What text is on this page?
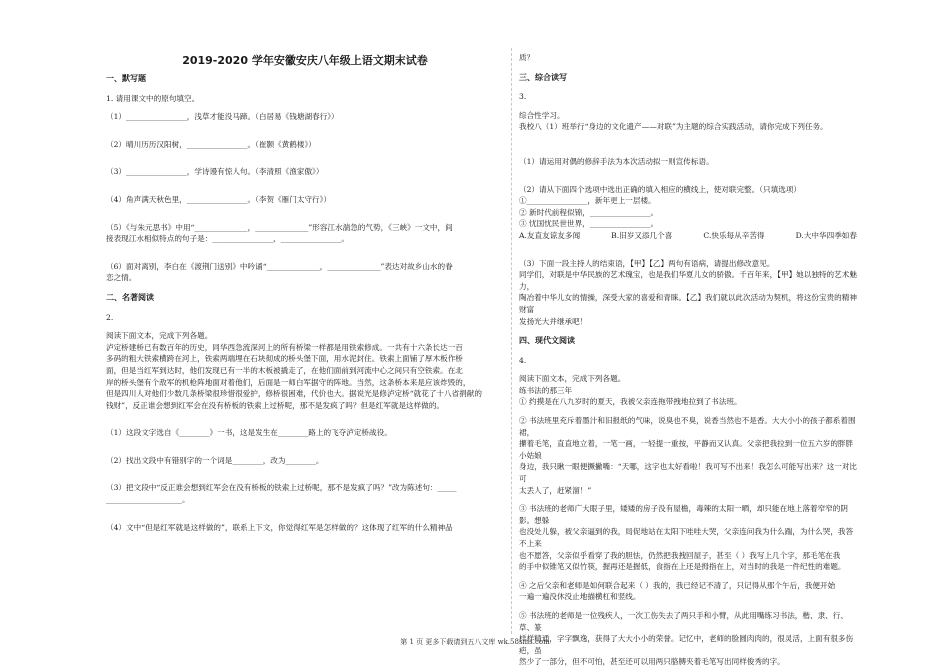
2019-2020 学年安徽安庆八年级上语文期末试卷
一、默写题

1. 请用课文中的原句填空。

（1）________________，浅草才能没马蹄。（白居易《钱塘湖春行》）

（2）晴川历历汉阳树，________________。（崔颢《黄鹤楼》）

（3）________________，学诗谩有惊人句。（李清照《渔家傲》）

（4）角声满天秋色里，________________。（李贺《雁门太守行》）

（5）《与朱元思书》中用“______________，______________”形容江水湍急的气势，《三峡》一文中，间

接表现江水相似特点的句子是：________________，________________。

（6）面对离别，李白在《渡荆门送别》中吟诵“______________，______________”表达对故乡山水的眷

恋之情。

二、名著阅读

2.

阅读下面文本，完成下列各题。

泸定桥建桥已有数百年的历史，同华西急流深河上的所有桥梁一样都是用铁索修成。一共有十六条长达一百

多码的粗大铁索横跨在河上，铁索两端埋在石块彻成的桥头堡下面，用水泥封住。铁索上面铺了厚木板作桥

面，但是当红军到达时，他们发现已有一半的木板被撬走了，在他们面前到河流中心之间只有空铁索。在北

岸的桥头堡有个敌军的机枪阵地面对着他们，后面是一师白军据守的阵地。当然，这条桥本来是应该炸毁的，

但是四川人对他们少数几条桥梁很珍惜很爱护，修桥很困难，代价也大。据说光是修泸定桥“就花了十八省捐献的

钱财”，反正谁会想到红军会在没有桥板的铁索上过桥呢，那不是发疯了吗？但是红军就是这样做的。

（1）这段文字选自《________》一书，这是发生在________路上的飞夺泸定桥战役。

（2）找出文段中有错别字的一个词是________，改为________。

（3）把文段中“反正谁会想到红军会在没有桥板的铁索上过桥呢，那不是发疯了吗？”改为陈述句：_____

____________________。

（4）文中“但是红军就是这样做的”，联系上下文，你觉得红军是怎样做的？这体现了红军的什么精神品

质？

三、综合读写

3.

综合性学习。

我校八（1）班举行“身边的文化遗产——对联”为主题的综合实践活动，请你完成下列任务。

（1）请运用对偶的修辞手法为本次活动拟一则宣传标语。

（2）请从下面四个选项中选出正确的填入相应的横线上，使对联完整。（只填选项）

①________________，新年更上一层楼。

② 新时代前程似锦，________________。

③ 忧国忧民世世界，________________。

A.友直友谅友多闻	B.旧岁又添几个喜	C.快乐每从辛苦得	D.大中华四季如春

（3）下面一段主持人的结束语，【甲】【乙】两句有语病，请提出修改意见。

同学们，对联是中华民族的艺术瑰宝，也是我们华夏儿女的骄傲。千百年来，【甲】她以独特的艺术魅力，

陶冶着中华儿女的情操，深受大家的喜爱和青睐。【乙】我们就以此次活动为契机，将这份宝贵的精神财富

发扬光大并继承吧！

四、现代文阅读

4.

阅读下面文本，完成下列各题。

练书法的那三年

① 约摸是在八九岁时的夏天，我被父亲连拖带拽地拉到了书法班。

② 书法班里充斥着墨汁和旧报纸的气味，说臭也不臭，说香当然也不是香。大大小小的孩子都系着围裙，

攥着毛笔，直直地立着，一笔一画，一轻提一重按，平静而又认真。父亲把我拉到一位五六岁的胖胖小姑娘

身边，我只瞅一眼便撅撇嘴：“天哪，这字也太好看啦！我可写不出来！我怎么可能写出来？这一对比可

太丢人了，赶紧溜！”

③ 书法班的老师广大眼子里，矮矮的房子没有屋檐，毒辣的太阳一晒，却只能在地上落着窄窄的阴影。想躲

也没处儿躲，被父亲逼到的我，局促地站在太阳下哇哇大哭，父亲连问我为什么踹，为什么哭，我答不上来

也不愿答，父亲似乎看穿了我的胆怯，仍然把我拽回屋子，甚至（ ）我写上几个字，那毛笔在我

的手中似锥笔又似竹筷，握再还是握低，食指在上还是拇指在上，对当时的我是一件纪性的难题。

④ 之后父亲和老师是如何联合起来（ ）我的，我已经记不清了，只记得从那个午后，我便开始

一遍一遍没休没止地描横杠和竖线。

⑤ 书法班的老师是一位残疾人，一次工伤失去了两只手和小臂，从此用嘴练习书法，楷、隶、行、草、篆

样样精通，字字飘逸，获得了大大小小的荣誉。记忆中，老师的脸圆肉肉的，很灵活，上面有很多伤疤，虽

然少了一部分，但不可怕，甚至还可以用两只胳膊夹着毛笔写出同样俊秀的字。

第 1 页 更多下载请到五八文库 wk.58sms.com
